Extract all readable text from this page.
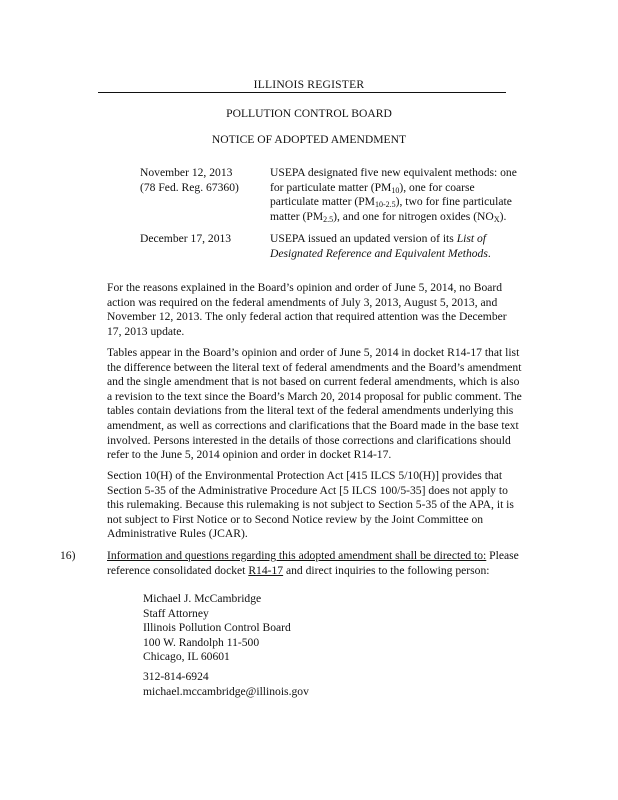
ILLINOIS REGISTER
POLLUTION CONTROL BOARD
NOTICE OF ADOPTED AMENDMENT
November 12, 2013
(78 Fed. Reg. 67360)
USEPA designated five new equivalent methods: one for particulate matter $(PM_{10})$, one for coarse particulate matter $(PM_{10-2.5})$, two for fine particulate matter $(PM_{2.5})$, and one for nitrogen oxides $(NO_X)$.
December 17, 2013	USEPA issued an updated version of its List of Designated Reference and Equivalent Methods.
For the reasons explained in the Board’s opinion and order of June 5, 2014, no Board action was required on the federal amendments of July 3, 2013, August 5, 2013, and November 12, 2013. The only federal action that required attention was the December 17, 2013 update.
Tables appear in the Board’s opinion and order of June 5, 2014 in docket R14-17 that list the difference between the literal text of federal amendments and the Board’s amendment and the single amendment that is not based on current federal amendments, which is also a revision to the text since the Board’s March 20, 2014 proposal for public comment. The tables contain deviations from the literal text of the federal amendments underlying this amendment, as well as corrections and clarifications that the Board made in the base text involved. Persons interested in the details of those corrections and clarifications should refer to the June 5, 2014 opinion and order in docket R14-17.
Section 10(H) of the Environmental Protection Act [415 ILCS 5/10(H)] provides that Section 5-35 of the Administrative Procedure Act [5 ILCS 100/5-35] does not apply to this rulemaking. Because this rulemaking is not subject to Section 5-35 of the APA, it is not subject to First Notice or to Second Notice review by the Joint Committee on Administrative Rules (JCAR).
16)	Information and questions regarding this adopted amendment shall be directed to: Please reference consolidated docket R14-17 and direct inquiries to the following person:
Michael J. McCambridge
Staff Attorney
Illinois Pollution Control Board
100 W. Randolph 11-500
Chicago, IL 60601
312-814-6924
michael.mccambridge@illinois.gov
